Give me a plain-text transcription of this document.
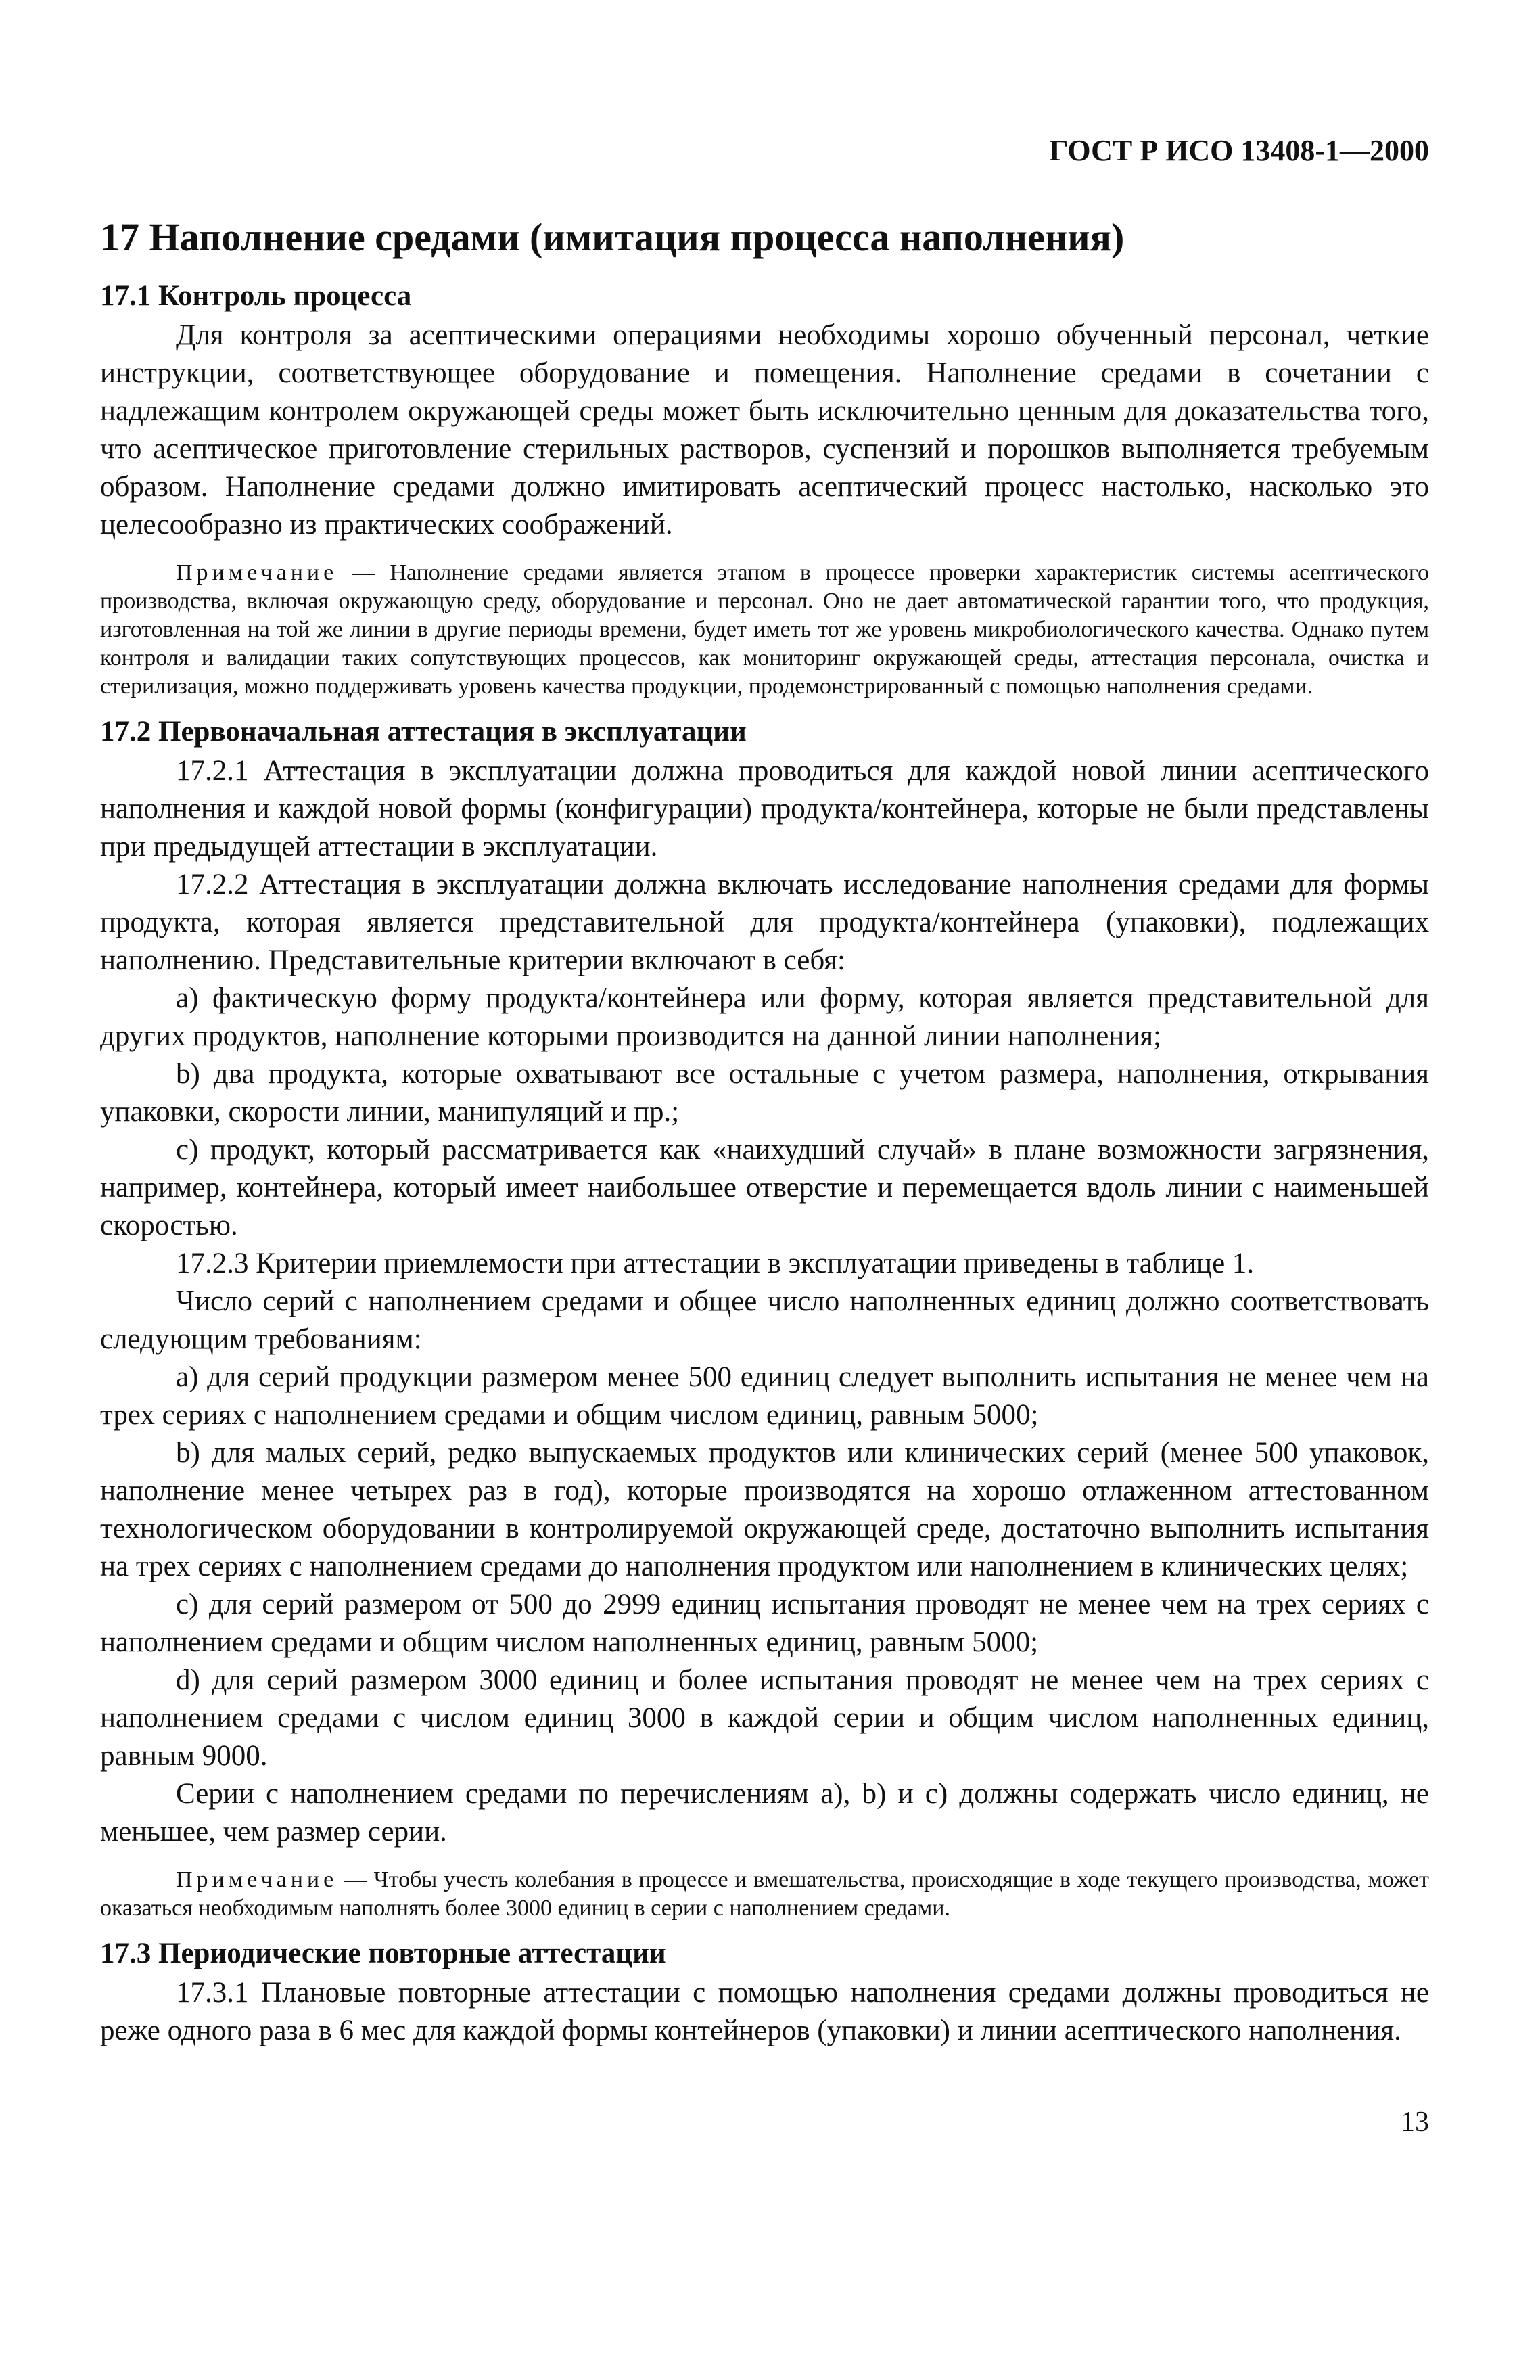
ГОСТ Р ИСО 13408-1—2000

17 Наполнение средами (имитация процесса наполнения)

17.1 Контроль процесса

Для контроля за асептическими операциями необходимы хорошо обученный персонал, четкие инструкции, соответствующее оборудование и помещения. Наполнение средами в сочетании с надлежащим контролем окружающей среды может быть исключительно ценным для доказательства того, что асептическое приготовление стерильных растворов, суспензий и порошков выполняется требуемым образом. Наполнение средами должно имитировать асептический процесс настолько, насколько это целесообразно из практических соображений.

Примечание — Наполнение средами является этапом в процессе проверки характеристик системы асептического производства, включая окружающую среду, оборудование и персонал. Оно не дает автоматической гарантии того, что продукция, изготовленная на той же линии в другие периоды времени, будет иметь тот же уровень микробиологического качества. Однако путем контроля и валидации таких сопутствующих процессов, как мониторинг окружающей среды, аттестация персонала, очистка и стерилизация, можно поддерживать уровень качества продукции, продемонстрированный с помощью наполнения средами.

17.2 Первоначальная аттестация в эксплуатации

17.2.1 Аттестация в эксплуатации должна проводиться для каждой новой линии асептического наполнения и каждой новой формы (конфигурации) продукта/контейнера, которые не были представлены при предыдущей аттестации в эксплуатации.

17.2.2 Аттестация в эксплуатации должна включать исследование наполнения средами для формы продукта, которая является представительной для продукта/контейнера (упаковки), подлежащих наполнению. Представительные критерии включают в себя:

а) фактическую форму продукта/контейнера или форму, которая является представительной для других продуктов, наполнение которыми производится на данной линии наполнения;

b) два продукта, которые охватывают все остальные с учетом размера, наполнения, открывания упаковки, скорости линии, манипуляций и пр.;

c) продукт, который рассматривается как «наихудший случай» в плане возможности загрязнения, например, контейнера, который имеет наибольшее отверстие и перемещается вдоль линии с наименьшей скоростью.

17.2.3 Критерии приемлемости при аттестации в эксплуатации приведены в таблице 1.

Число серий с наполнением средами и общее число наполненных единиц должно соответствовать следующим требованиям:

а) для серий продукции размером менее 500 единиц следует выполнить испытания не менее чем на трех сериях с наполнением средами и общим числом единиц, равным 5000;

b) для малых серий, редко выпускаемых продуктов или клинических серий (менее 500 упаковок, наполнение менее четырех раз в год), которые производятся на хорошо отлаженном аттестованном технологическом оборудовании в контролируемой окружающей среде, достаточно выполнить испытания на трех сериях с наполнением средами до наполнения продуктом или наполнением в клинических целях;

c) для серий размером от 500 до 2999 единиц испытания проводят не менее чем на трех сериях с наполнением средами и общим числом наполненных единиц, равным 5000;

d) для серий размером 3000 единиц и более испытания проводят не менее чем на трех сериях с наполнением средами с числом единиц 3000 в каждой серии и общим числом наполненных единиц, равным 9000.

Серии с наполнением средами по перечислениям а), b) и с) должны содержать число единиц, не меньшее, чем размер серии.

Примечание — Чтобы учесть колебания в процессе и вмешательства, происходящие в ходе текущего производства, может оказаться необходимым наполнять более 3000 единиц в серии с наполнением средами.

17.3 Периодические повторные аттестации

17.3.1 Плановые повторные аттестации с помощью наполнения средами должны проводиться не реже одного раза в 6 мес для каждой формы контейнеров (упаковки) и линии асептического наполнения.

13
